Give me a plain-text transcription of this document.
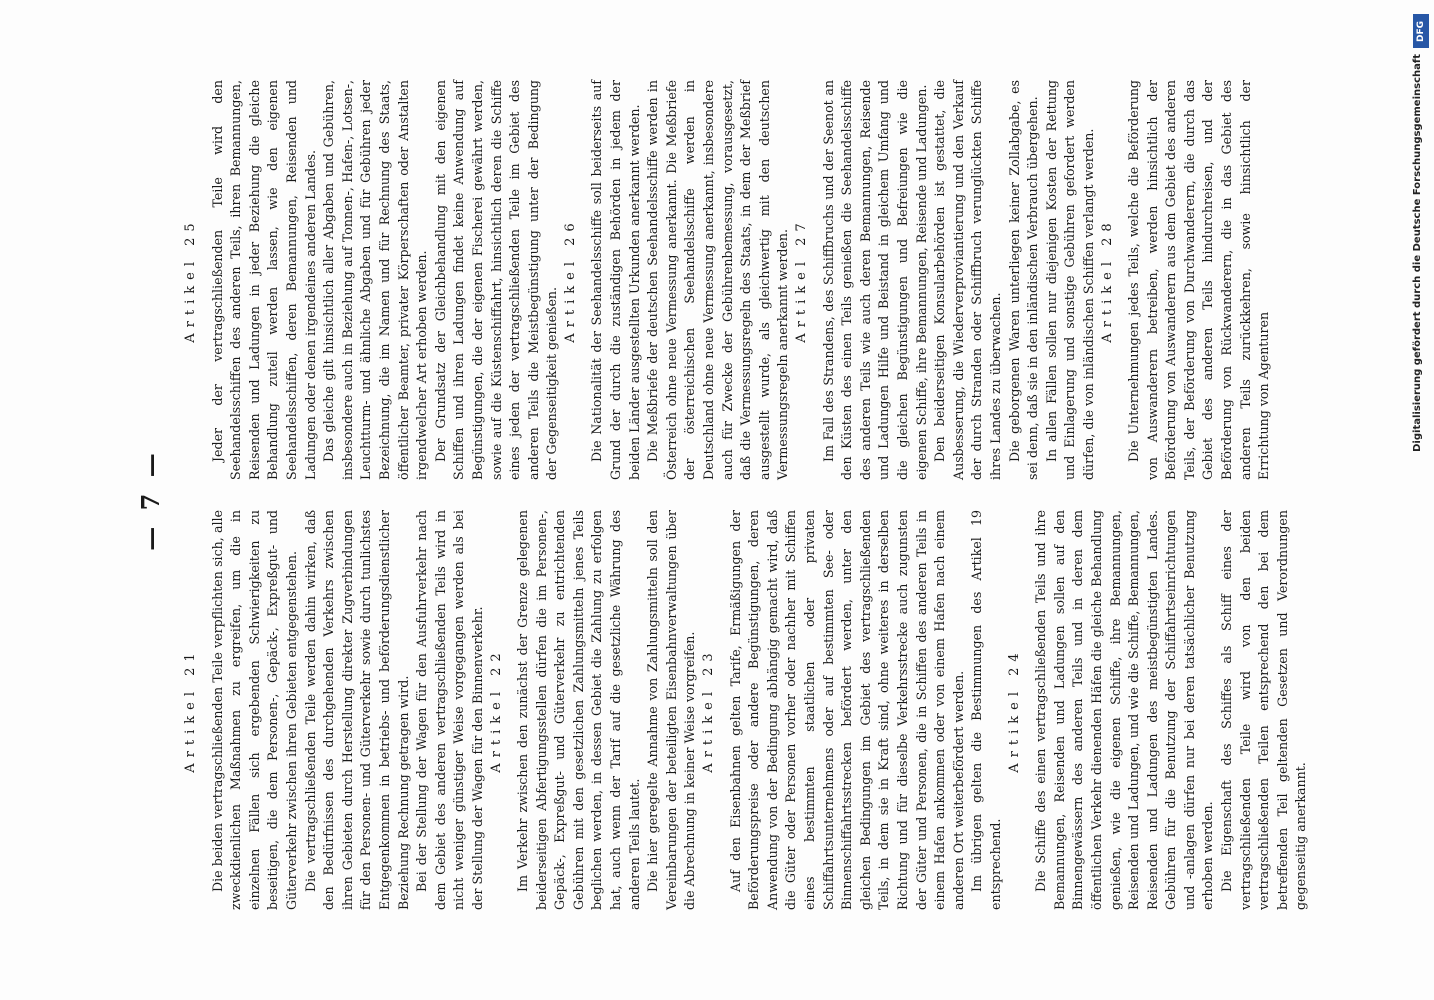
— 7 —
Artikel 21 Die beiden vertragschließenden Teile verpflichten sich, alle zweckdienlichen Maßnahmen zu ergreifen, um die in einzelnen Fällen sich ergebenden Schwierigkeiten zu beseitigen, die dem Personen-, Gepäck-, Expreßgut- und Güterverkehr zwischen ihren Gebieten entgegenstehen. Die vertragschließenden Teile werden dahin wirken, daß den Bedürfnissen des durchgehenden Verkehrs zwischen ihren Gebieten durch Herstellung direkter Zugverbindungen für den Personen- und Güterverkehr sowie durch tunlichstes Entgegenkommen in betriebs- und beförderungsdienstlicher Beziehung Rechnung getragen wird. Bei der Stellung der Wagen für den Ausfuhrverkehr nach dem Gebiet des anderen vertragschließenden Teils wird in nicht weniger günstiger Weise vorgegangen werden als bei der Stellung der Wagen für den Binnenverkehr. Artikel 22 Im Verkehr zwischen den zunächst der Grenze gelegenen beiderseitigen Abfertigungsstellen dürfen die im Personen-, Gepäck-, Expreßgut- und Güterverkehr zu entrichtenden Gebühren mit den gesetzlichen Zahlungsmitteln jenes Teils beglichen werden, in dessen Gebiet die Zahlung zu erfolgen hat, auch wenn der Tarif auf die gesetzliche Währung des anderen Teils lautet. Die hier geregelte Annahme von Zahlungsmitteln soll den Vereinbarungen der beteiligten Eisenbahnverwaltungen über die Abrechnung in keiner Weise vorgreifen. Artikel 23 Auf den Eisenbahnen gelten Tarife, Ermäßigungen der Beförderungspreise oder andere Begünstigungen, deren Anwendung von der Bedingung abhängig gemacht wird, daß die Güter oder Personen vorher oder nachher mit Schiffen eines bestimmten staatlichen oder privaten Schiffahrtsunternehmens oder auf bestimmten See- oder Binnenschiffahrtsstrecken befördert werden, unter den gleichen Bedingungen im Gebiet des vertragschließenden Teils, in dem sie in Kraft sind, ohne weiteres in derselben Richtung und für dieselbe Verkehrsstrecke auch zugunsten der Güter und Personen, die in Schiffen des anderen Teils in einem Hafen ankommen oder von einem Hafen nach einem anderen Ort weiterbefördert werden. Im übrigen gelten die Bestimmungen des Artikel 19 entsprechend.

Artikel 24 Die Schiffe des einen vertragschließenden Teils und ihre Bemannungen, Reisenden und Ladungen sollen auf den Binnengewässern des anderen Teils und in deren dem öffentlichen Verkehr dienenden Häfen die gleiche Behandlung genießen, wie die eigenen Schiffe, ihre Bemannungen, Reisenden und Ladungen, und wie die Schiffe, Bemannungen, Reisenden und Ladungen des meistbegünstigten Landes. Gebühren für die Benutzung der Schiffahrtseinrichtungen und -anlagen dürfen nur bei deren tatsächlicher Benutzung erhoben werden. Die Eigenschaft des Schiffes als Schiff eines der vertragschließenden Teile wird von den beiden vertragschließenden Teilen entsprechend den bei dem betreffenden Teil geltenden Gesetzen und Verordnungen gegenseitig anerkannt.

Artikel 25 Jeder der vertragschließenden Teile wird den Seehandelsschiffen des anderen Teils, ihren Bemannungen, Reisenden und Ladungen in jeder Beziehung die gleiche Behandlung zuteil werden lassen, wie den eigenen Seehandelsschiffen, deren Bemannungen, Reisenden und Ladungen oder denen irgendeines anderen Landes. Das gleiche gilt hinsichtlich aller Abgaben und Gebühren, insbesondere auch in Beziehung auf Tonnen-, Hafen-, Lotsen-, Leuchtturm- und ähnliche Abgaben und für Gebühren jeder Bezeichnung, die im Namen und für Rechnung des Staats, öffentlicher Beamter, privater Körperschaften oder Anstalten irgendwelcher Art erhoben werden. Der Grundsatz der Gleichbehandlung mit den eigenen Schiffen und ihren Ladungen findet keine Anwendung auf Begünstigungen, die der eigenen Fischerei gewährt werden, sowie auf die Küstenschiffahrt, hinsichtlich deren die Schiffe eines jeden der vertragschließenden Teile im Gebiet des anderen Teils die Meistbegünstigung unter der Bedingung der Gegenseitigkeit genießen.

Artikel 26 Die Nationalität der Seehandelsschiffe soll beiderseits auf Grund der durch die zuständigen Behörden in jedem der beiden Länder ausgestellten Urkunden anerkannt werden. Die Meßbriefe der deutschen Seehandelsschiffe werden in Österreich ohne neue Vermessung anerkannt. Die Meßbriefe der österreichischen Seehandelsschiffe werden in Deutschland ohne neue Vermessung anerkannt, insbesondere auch für Zwecke der Gebührenbemessung, vorausgesetzt, daß die Vermessungsregeln des Staats, in dem der Meßbrief ausgestellt wurde, als gleichwertig mit den deutschen Vermessungsregeln anerkannt werden. Artikel 27 Im Fall des Strandens, des Schiffbruchs und der Seenot an den Küsten des einen Teils genießen die Seehandelsschiffe des anderen Teils wie auch deren Bemannungen, Reisende und Ladungen Hilfe und Beistand in gleichem Umfang und die gleichen Begünstigungen und Befreiungen wie die eigenen Schiffe, ihre Bemannungen, Reisende und Ladungen. Den beiderseitigen Konsularbehörden ist gestattet, die Ausbesserung, die Wiederverproviantierung und den Verkauf der durch Stranden oder Schiffbruch verunglückten Schiffe ihres Landes zu überwachen. Die geborgenen Waren unterliegen keiner Zollabgabe, es sei denn, daß sie in den inländischen Verbrauch übergehen. In allen Fällen sollen nur diejenigen Kosten der Rettung und Einlagerung und sonstige Gebühren gefordert werden dürfen, die von inländischen Schiffen verlangt werden. Artikel 28 Die Unternehmungen jedes Teils, welche die Beförderung von Auswanderern betreiben, werden hinsichtlich der Beförderung von Auswanderern aus dem Gebiet des anderen Teils, der Beförderung von Durchwanderern, die durch das Gebiet des anderen Teils hindurchreisen, und der Beförderung von Rückwanderern, die in das Gebiet des anderen Teils zurückkehren, sowie hinsichtlich der Errichtung von Agenturen

DFG
Digitalisierung gefördert durch die Deutsche Forschungsgemeinschaft
